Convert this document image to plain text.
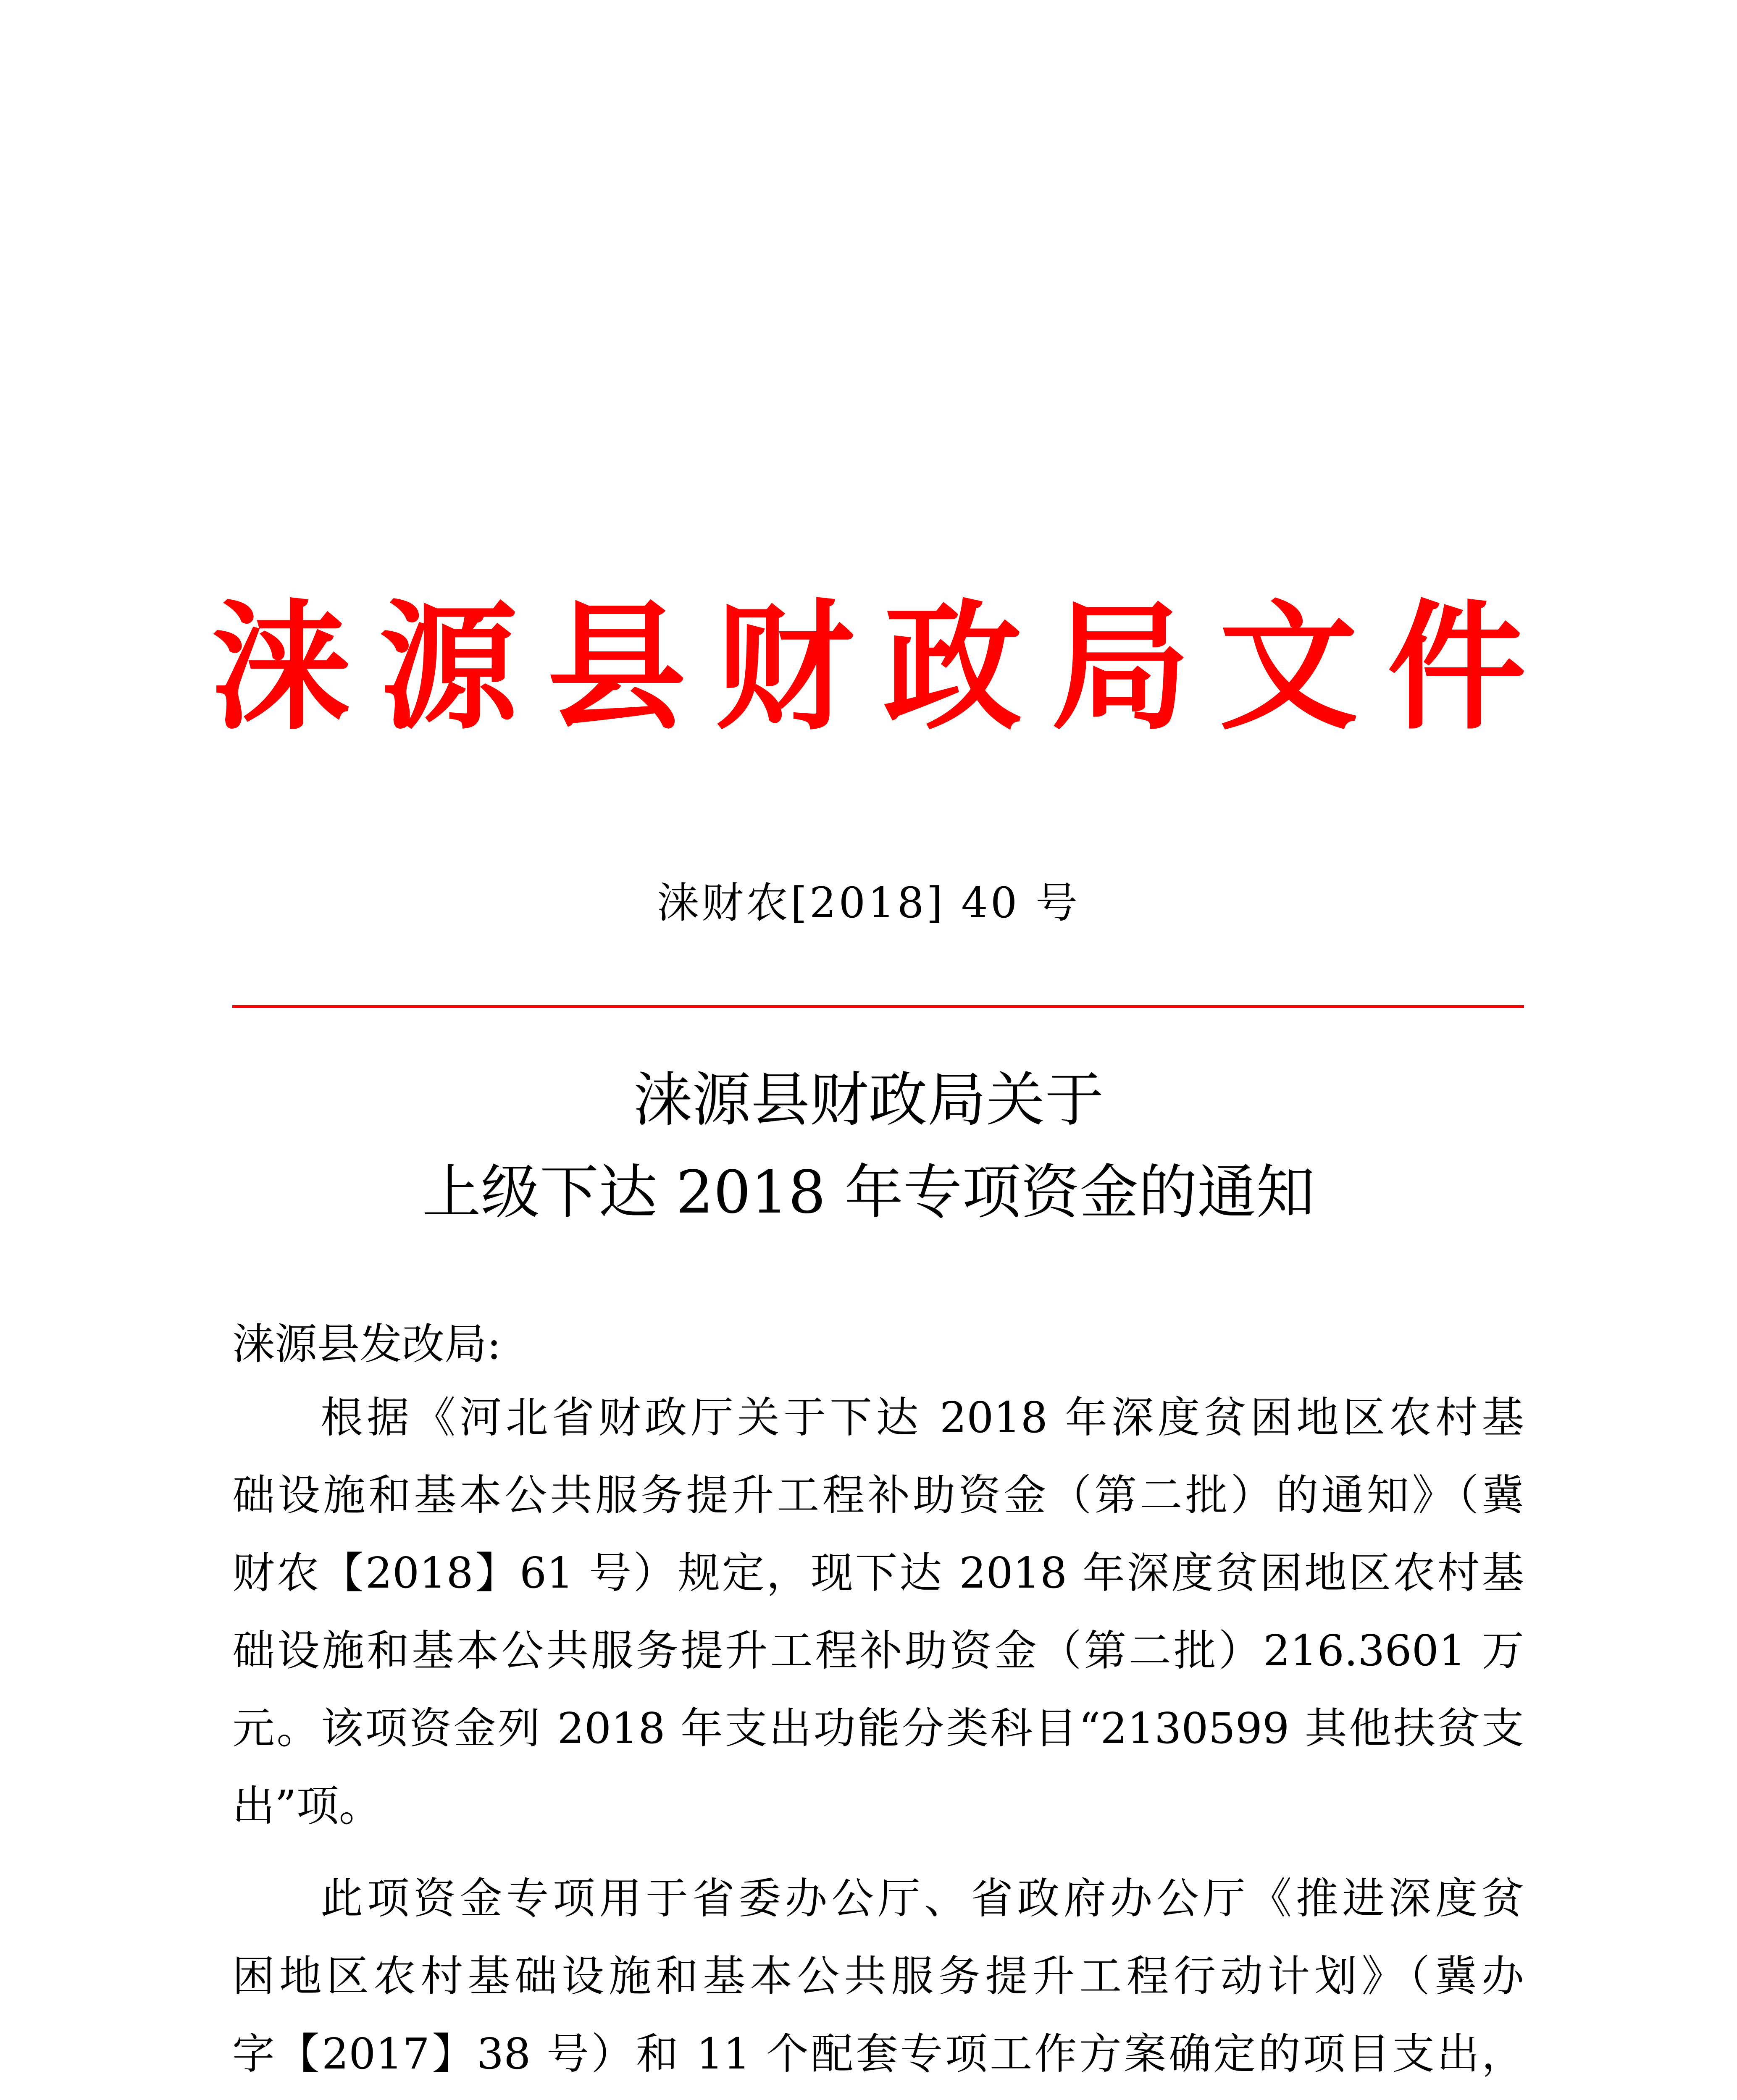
涞源县财政局文件
涞财农[2018] 40 号
涞源县财政局关于
上级下达 2018 年专项资金的通知
涞源县发改局:
根据《河北省财政厅关于下达 2018 年深度贫困地区农村基
础设施和基本公共服务提升工程补助资金（第二批）的通知》（冀
财农【2018】61 号）规定，现下达 2018 年深度贫困地区农村基
础设施和基本公共服务提升工程补助资金（第二批）216.3601 万
元。该项资金列 2018 年支出功能分类科目“2130599 其他扶贫支
出”项。
此项资金专项用于省委办公厅、省政府办公厅《推进深度贫
困地区农村基础设施和基本公共服务提升工程行动计划》（冀办
字【2017】38 号）和 11 个配套专项工作方案确定的项目支出，
